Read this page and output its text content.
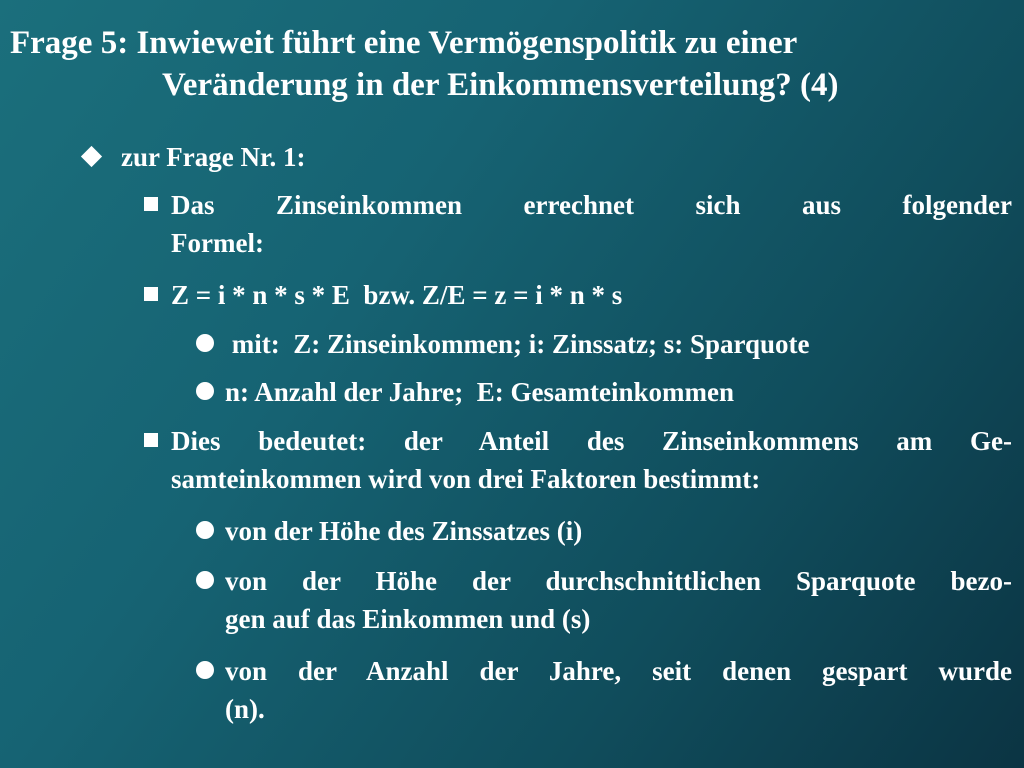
Frage 5: Inwieweit führt eine Vermögenspolitik zu einer
Veränderung in der Einkommensverteilung? (4)
zur Frage Nr. 1:
Das Zinseinkommen errechnet sich aus folgender
Formel:
Z = i * n * s * E  bzw. Z/E = z = i * n * s
mit:  Z: Zinseinkommen; i: Zinssatz; s: Sparquote
n: Anzahl der Jahre;  E: Gesamteinkommen
Dies bedeutet: der Anteil des Zinseinkommens am Ge-
samteinkommen wird von drei Faktoren bestimmt:
von der Höhe des Zinssatzes (i)
von der Höhe der durchschnittlichen Sparquote bezo-
gen auf das Einkommen und (s)
von der Anzahl der Jahre, seit denen gespart wurde
(n).
